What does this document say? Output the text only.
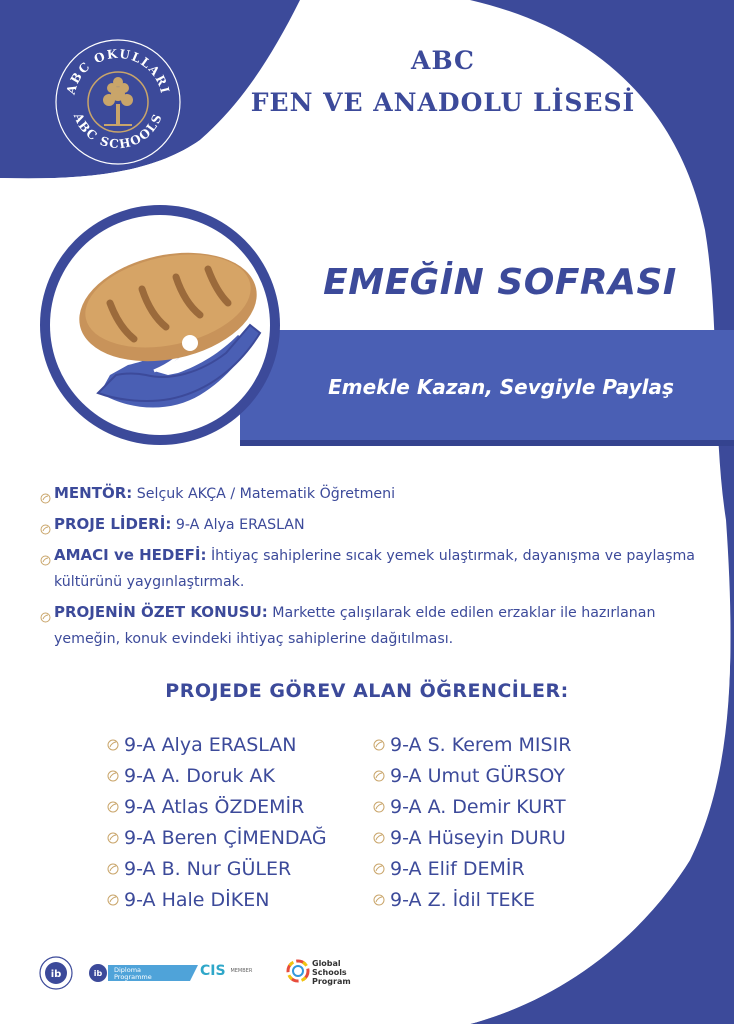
ABC OKULLARI
ABC SCHOOLS
ABC
FEN VE ANADOLU LİSESİ
EMEĞİN SOFRASI
Emekle Kazan, Sevgiyle Paylaş
MENTÖR: Selçuk AKÇA / Matematik Öğretmeni
PROJE LİDERİ: 9-A Alya ERASLAN
AMACI ve HEDEFİ: İhtiyaç sahiplerine sıcak yemek ulaştırmak, dayanışma ve paylaşma kültürünü yaygınlaştırmak.
PROJENİN ÖZET KONUSU: Markette çalışılarak elde edilen erzaklar ile hazırlanan yemeğin, konuk evindeki ihtiyaç sahiplerine dağıtılması.
PROJEDE GÖREV ALAN ÖĞRENCİLER:
9-A Alya ERASLAN
9-A A. Doruk AK
9-A Atlas ÖZDEMİR
9-A Beren ÇİMENDAĞ
9-A B. Nur GÜLER
9-A Hale DİKEN
9-A S. Kerem MISIR
9-A Umut GÜRSOY
9-A A. Demir KURT
9-A Hüseyin DURU
9-A Elif DEMİR
9-A Z. İdil TEKE
ib	ib Diploma
Programme	CIS MEMBER
Global
Schools
Program
